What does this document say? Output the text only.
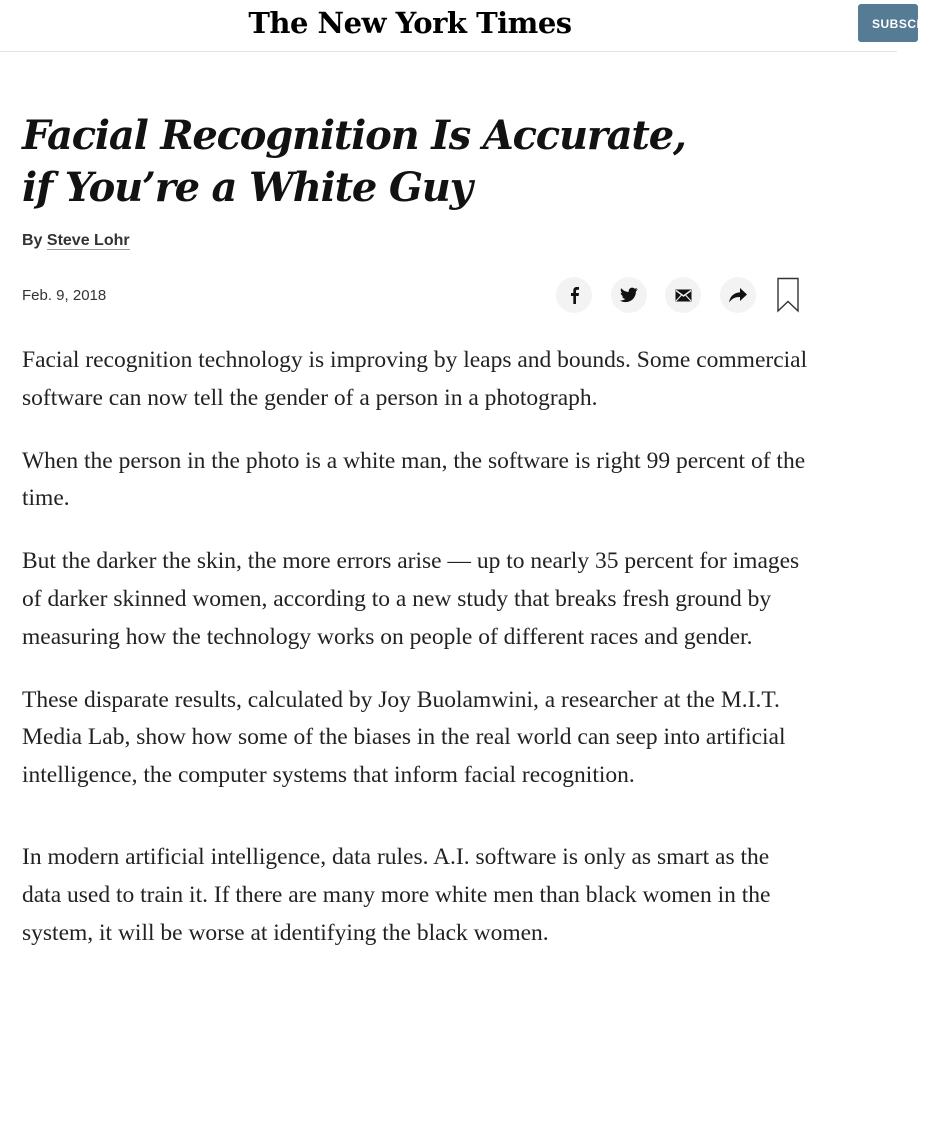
The New York Times	SUBSCRIBE
Facial Recognition Is Accurate,
if You’re a White Guy
By Steve Lohr
Feb. 9, 2018

Facial recognition technology is improving by leaps and bounds. Some commercial software can now tell the gender of a person in a photograph.

When the person in the photo is a white man, the software is right 99 percent of the time.

But the darker the skin, the more errors arise — up to nearly 35 percent for images of darker skinned women, according to a new study that breaks fresh ground by measuring how the technology works on people of different races and gender.

These disparate results, calculated by Joy Buolamwini, a researcher at the M.I.T. Media Lab, show how some of the biases in the real world can seep into artificial intelligence, the computer systems that inform facial recognition.

In modern artificial intelligence, data rules. A.I. software is only as smart as the data used to train it. If there are many more white men than black women in the system, it will be worse at identifying the black women.
